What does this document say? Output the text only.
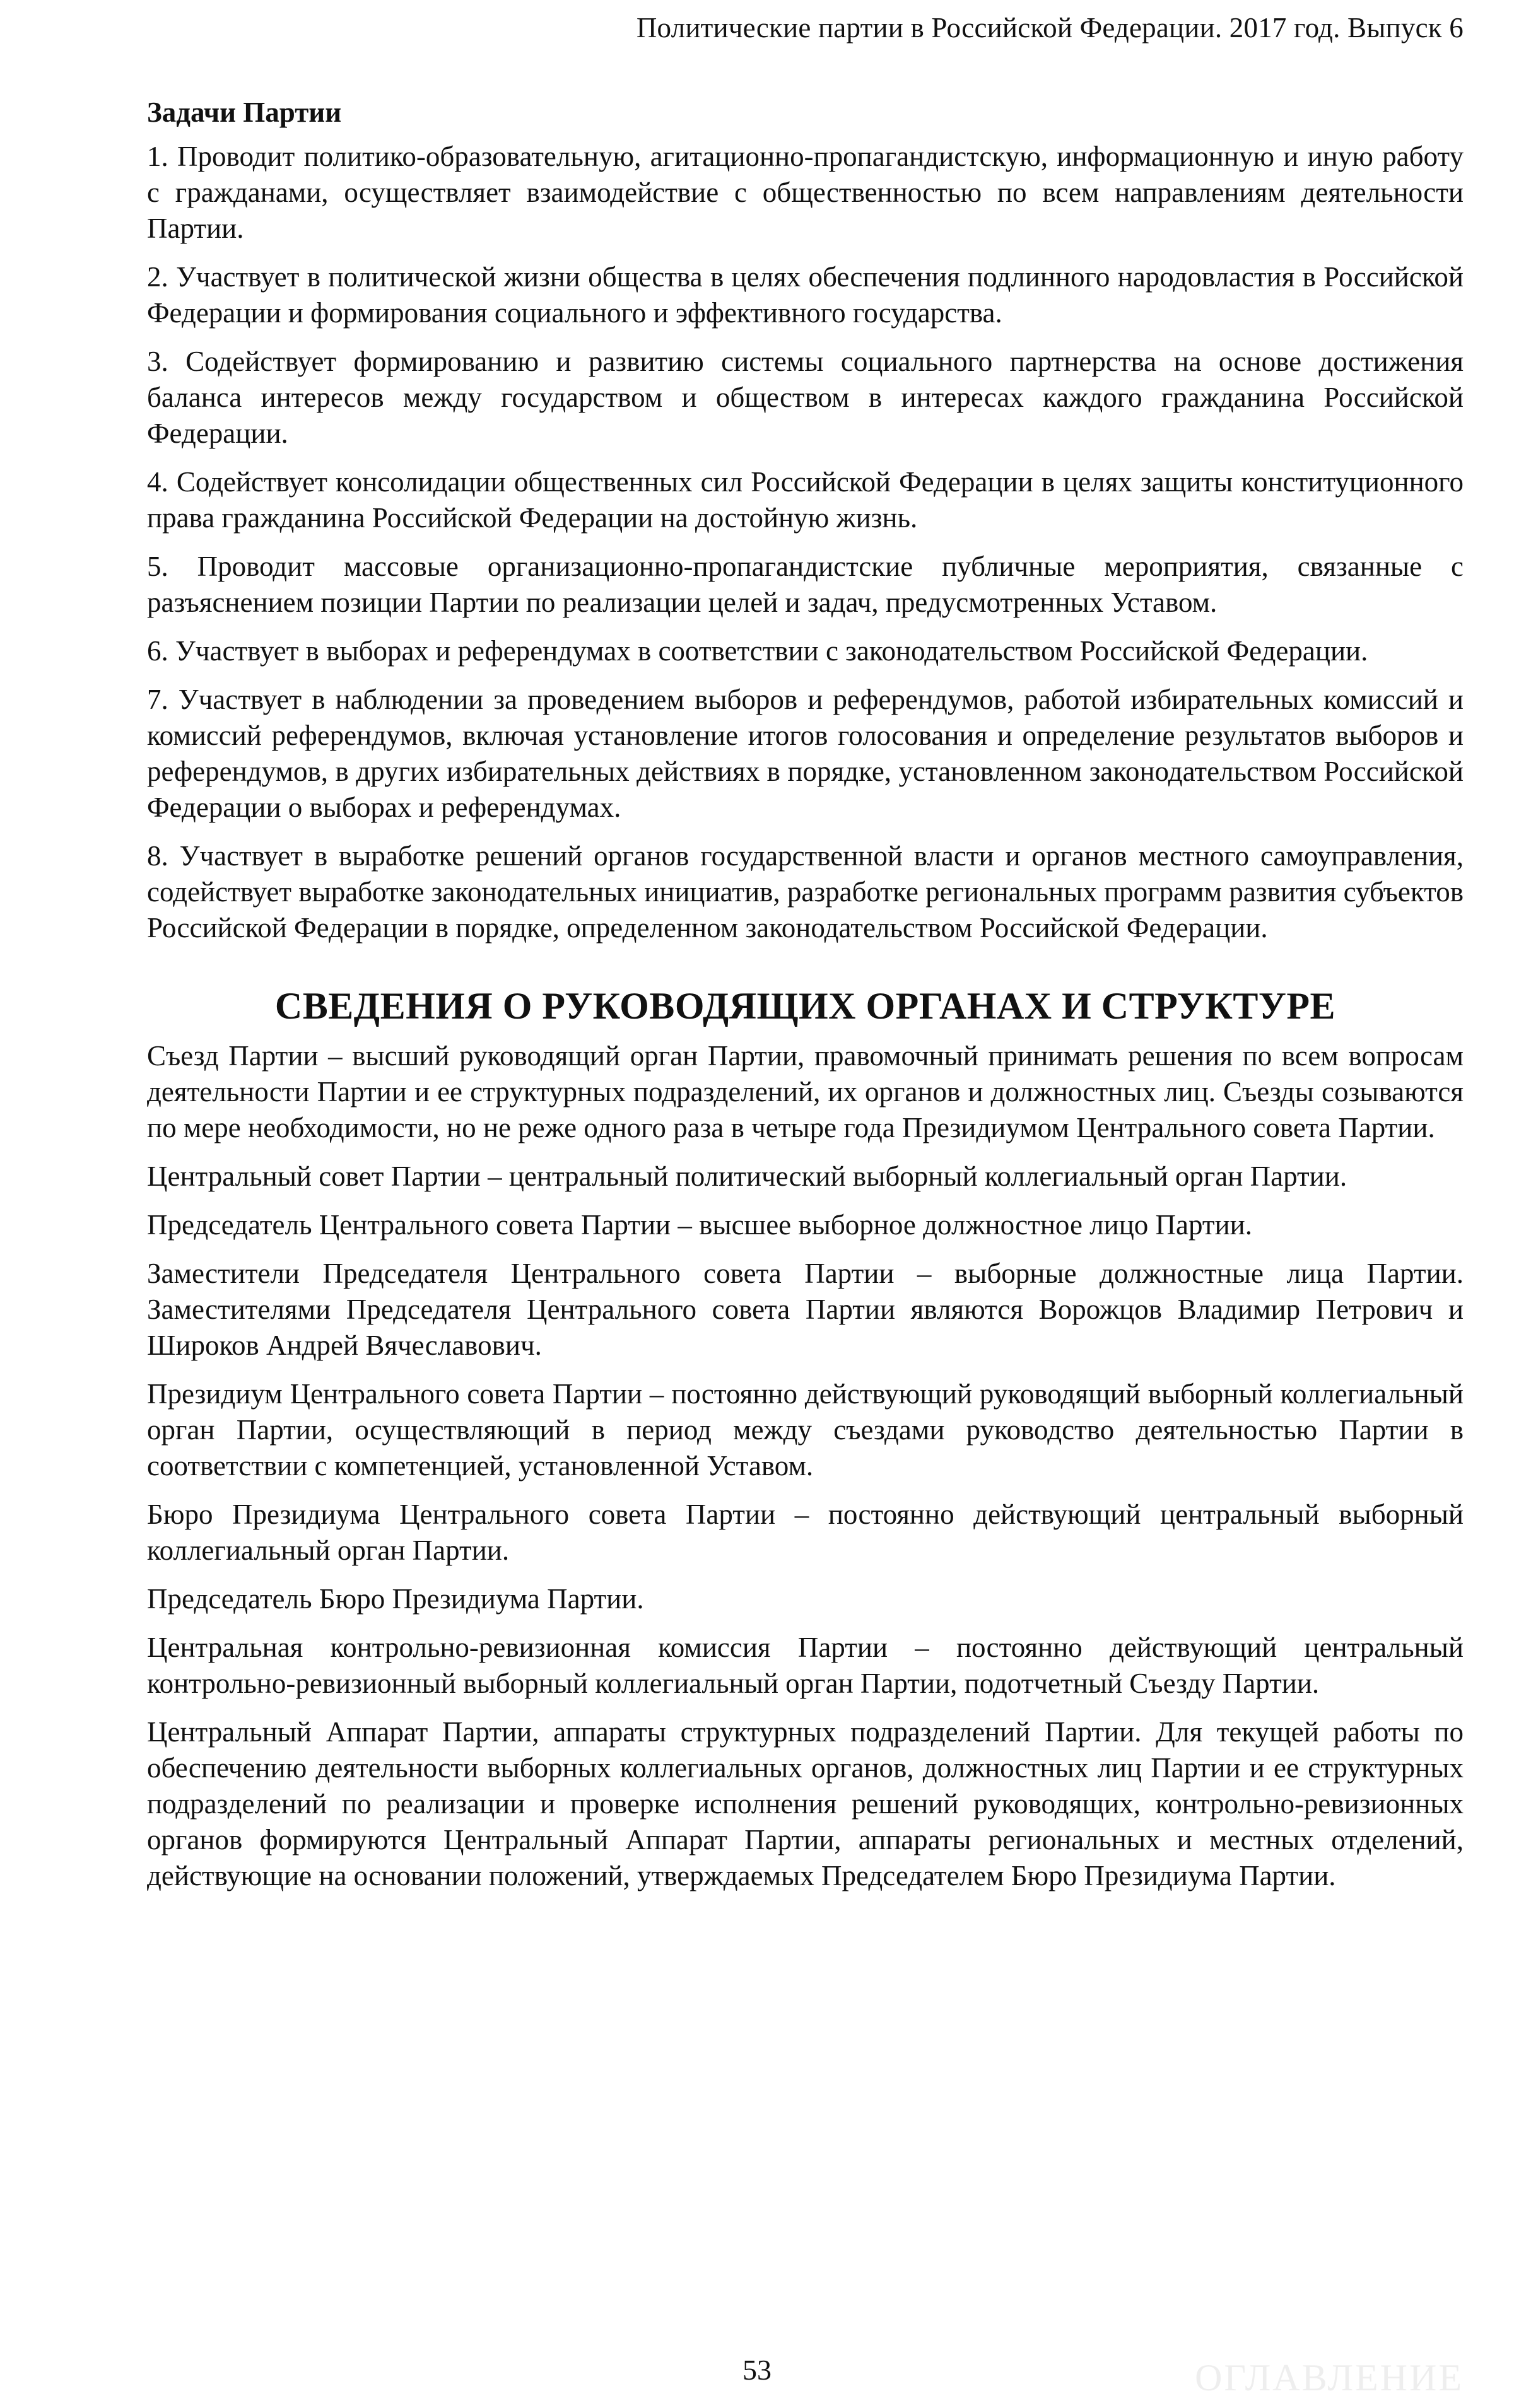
Политические партии в Российской Федерации. 2017 год. Выпуск 6
Задачи Партии

1. Проводит политико-образовательную, агитационно-пропагандистскую, информационную и иную работу с гражданами, осуществляет взаимодействие с общественностью по всем направлениям деятельности Партии.

2. Участвует в политической жизни общества в целях обеспечения подлинного народовластия в Российской Федерации и формирования социального и эффективного государства.

3. Содействует формированию и развитию системы социального партнерства на основе достижения баланса интересов между государством и обществом в интересах каждого гражданина Российской Федерации.

4. Содействует консолидации общественных сил Российской Федерации в целях защиты конституционного права гражданина Российской Федерации на достойную жизнь.

5. Проводит массовые организационно-пропагандистские публичные мероприятия, связанные с разъяснением позиции Партии по реализации целей и задач, предусмотренных Уставом.

6. Участвует в выборах и референдумах в соответствии с законодательством Российской Федерации.

7. Участвует в наблюдении за проведением выборов и референдумов, работой избирательных комиссий и комиссий референдумов, включая установление итогов голосования и определение результатов выборов и референдумов, в других избирательных действиях в порядке, установленном законодательством Российской Федерации о выборах и референдумах.

8. Участвует в выработке решений органов государственной власти и органов местного самоуправления, содействует выработке законодательных инициатив, разработке региональных программ развития субъектов Российской Федерации в порядке, определенном законодательством Российской Федерации.

СВЕДЕНИЯ О РУКОВОДЯЩИХ ОРГАНАХ И СТРУКТУРЕ

Съезд Партии – высший руководящий орган Партии, правомочный принимать решения по всем вопросам деятельности Партии и ее структурных подразделений, их органов и должностных лиц. Съезды созываются по мере необходимости, но не реже одного раза в четыре года Президиумом Центрального совета Партии.

Центральный совет Партии – центральный политический выборный коллегиальный орган Партии.

Председатель Центрального совета Партии – высшее выборное должностное лицо Партии.

Заместители Председателя Центрального совета Партии – выборные должностные лица Партии. Заместителями Председателя Центрального совета Партии являются Ворожцов Владимир Петрович и Широков Андрей Вячеславович.

Президиум Центрального совета Партии – постоянно действующий руководящий выборный коллегиальный орган Партии, осуществляющий в период между съездами руководство деятельностью Партии в соответствии с компетенцией, установленной Уставом.

Бюро Президиума Центрального совета Партии – постоянно действующий центральный выборный коллегиальный орган Партии.

Председатель Бюро Президиума Партии.

Центральная контрольно-ревизионная комиссия Партии – постоянно действующий центральный контрольно-ревизионный выборный коллегиальный орган Партии, подотчетный Съезду Партии.

Центральный Аппарат Партии, аппараты структурных подразделений Партии. Для текущей работы по обеспечению деятельности выборных коллегиальных органов, должностных лиц Партии и ее структурных подразделений по реализации и проверке исполнения решений руководящих, контрольно-ревизионных органов формируются Центральный Аппарат Партии, аппараты региональных и местных отделений, действующие на основании положений, утверждаемых Председателем Бюро Президиума Партии.

53	ОГЛАВЛЕНИЕ
